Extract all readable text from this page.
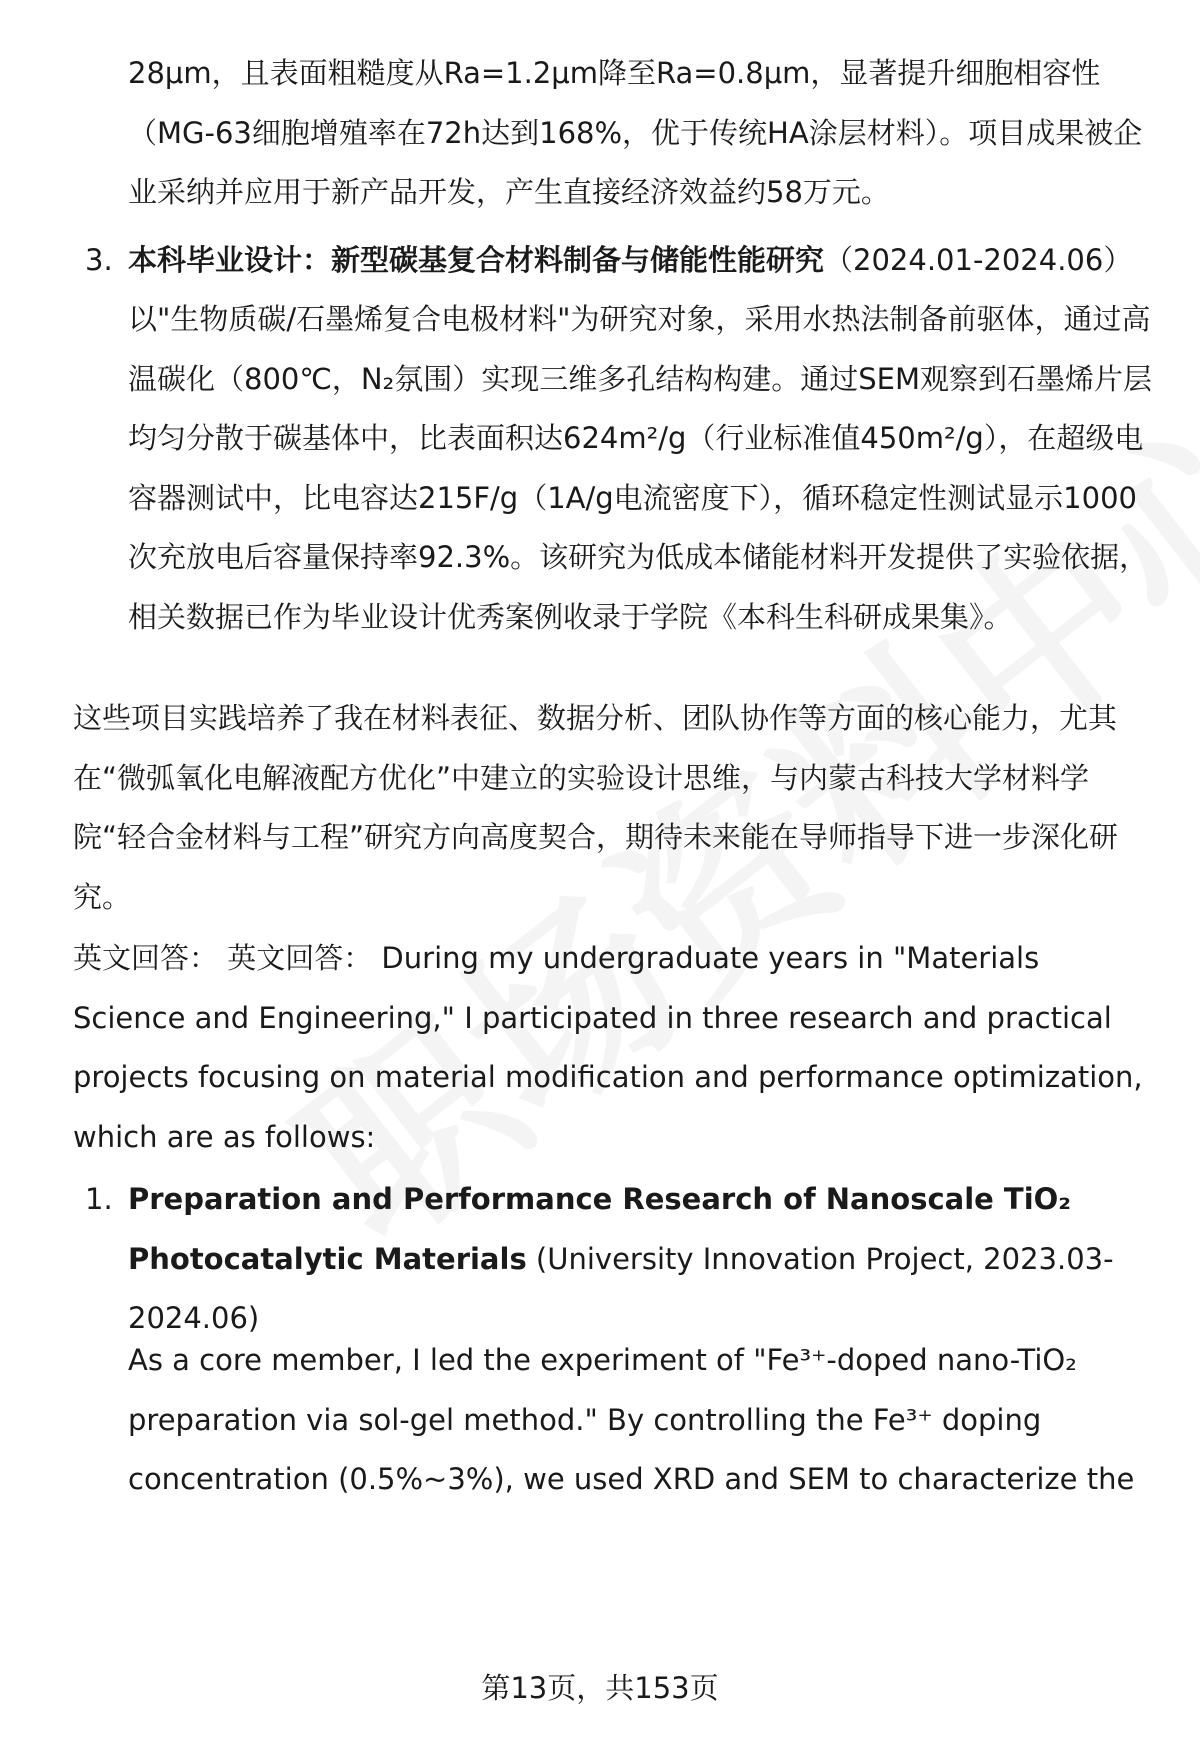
28μm，且表面粗糙度从Ra=1.2μm降至Ra=0.8μm，显著提升细胞相容性（MG-63细胞增殖率在72h达到168%，优于传统HA涂层材料）。项目成果被企业采纳并应用于新产品开发，产生直接经济效益约58万元。

3. 本科毕业设计：新型碳基复合材料制备与储能性能研究（2024.01-2024.06）

以"生物质碳/石墨烯复合电极材料"为研究对象，采用水热法制备前驱体，通过高温碳化（800℃，N₂氛围）实现三维多孔结构构建。通过SEM观察到石墨烯片层均匀分散于碳基体中，比表面积达624m²/g（行业标准值450m²/g），在超级电容器测试中，比电容达215F/g（1A/g电流密度下），循环稳定性测试显示1000次充放电后容量保持率92.3%。该研究为低成本储能材料开发提供了实验依据，相关数据已作为毕业设计优秀案例收录于学院《本科生科研成果集》。

这些项目实践培养了我在材料表征、数据分析、团队协作等方面的核心能力，尤其在“微弧氧化电解液配方优化”中建立的实验设计思维，与内蒙古科技大学材料学院“轻合金材料与工程”研究方向高度契合，期待未来能在导师指导下进一步深化研究。

英文回答： 英文回答： During my undergraduate years in "Materials Science and Engineering," I participated in three research and practical projects focusing on material modification and performance optimization, which are as follows:

1. Preparation and Performance Research of Nanoscale TiO₂ Photocatalytic Materials (University Innovation Project, 2023.03-2024.06)

As a core member, I led the experiment of "Fe³⁺-doped nano-TiO₂ preparation via sol-gel method." By controlling the Fe³⁺ doping concentration (0.5%~3%), we used XRD and SEM to characterize the

第13页，共153页
